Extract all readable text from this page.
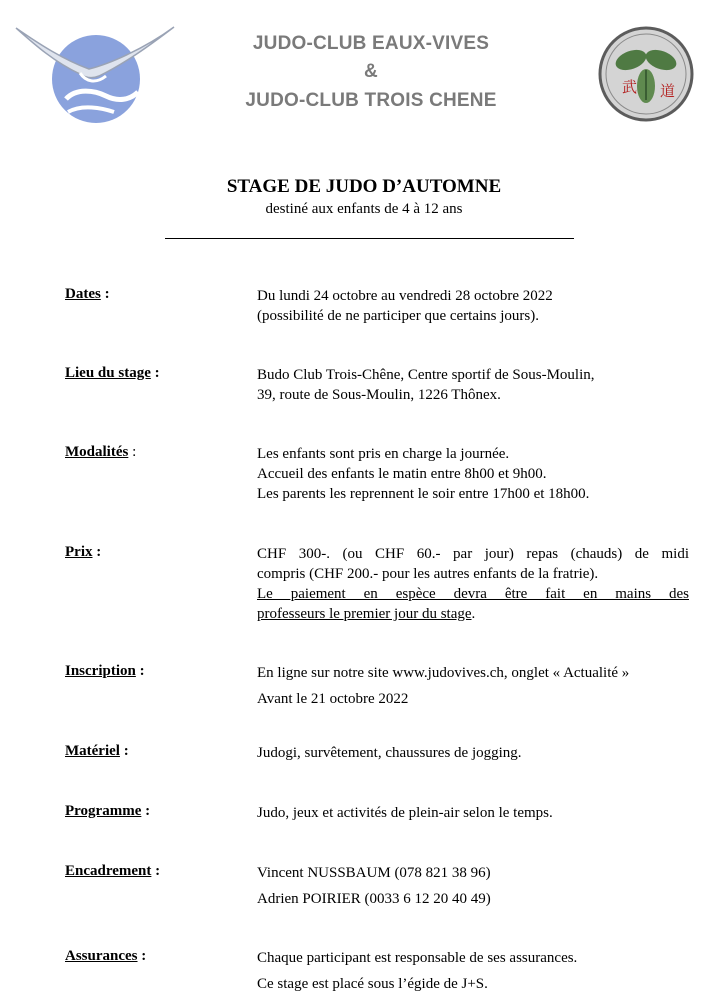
JUDO-CLUB EAUX-VIVES
&
JUDO-CLUB TROIS CHENE
武 道
STAGE DE JUDO D’AUTOMNE
destiné aux enfants de 4 à 12 ans
Dates :	Du lundi 24 octobre au vendredi 28 octobre 2022
(possibilité de ne participer que certains jours).
Lieu du stage :	Budo Club Trois-Chêne, Centre sportif de Sous-Moulin,
39, route de Sous-Moulin, 1226 Thônex.
Modalités :	Les enfants sont pris en charge la journée.
Accueil des enfants le matin entre 8h00 et 9h00.
Les parents les reprennent le soir entre 17h00 et 18h00.
Prix :	CHF 300-. (ou CHF 60.- par jour) repas (chauds) de midi
compris (CHF 200.- pour les autres enfants de la fratrie).
Le paiement en espèce devra être fait en mains des
professeurs le premier jour du stage.
Inscription :	En ligne sur notre site www.judovives.ch, onglet « Actualité »
Avant le 21 octobre 2022
Matériel :	Judogi, survêtement, chaussures de jogging.
Programme :	Judo, jeux et activités de plein-air selon le temps.
Encadrement :	Vincent NUSSBAUM (078 821 38 96)
Adrien POIRIER (0033 6 12 20 40 49)
Assurances :	Chaque participant est responsable de ses assurances.
Ce stage est placé sous l’égide de J+S.
